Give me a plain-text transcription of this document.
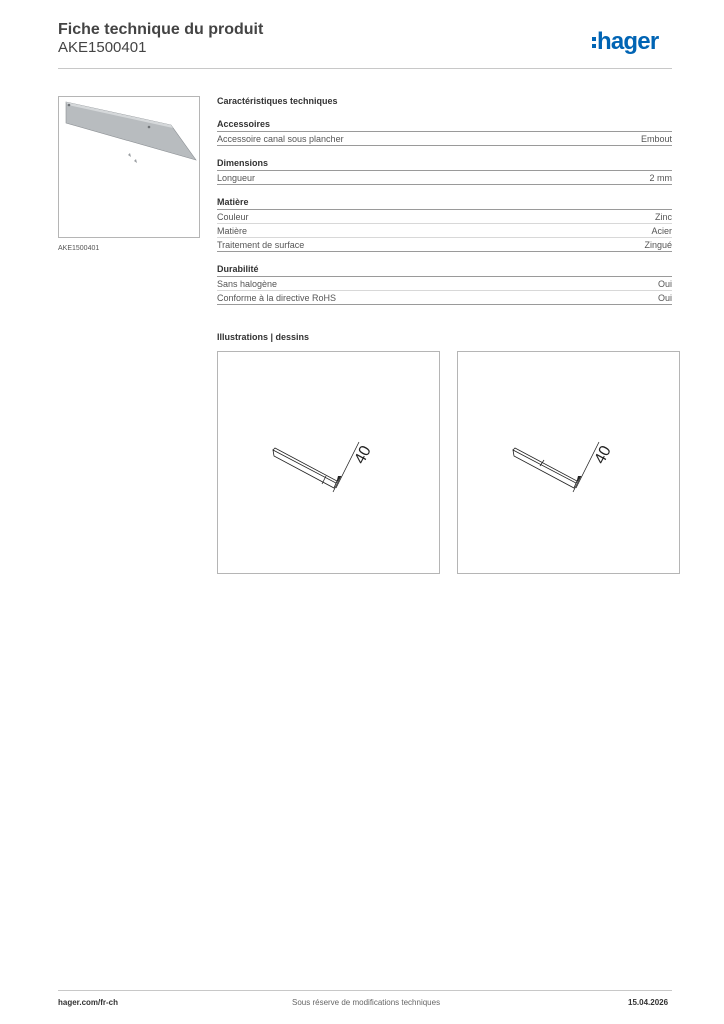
Fiche technique du produit
AKE1500401	hager
AKE1500401
Caractéristiques techniques
Accessoires
Accessoire canal sous plancher	Embout
Dimensions
Longueur	2 mm
Matière
Couleur	Zinc
Matière	Acier
Traitement de surface	Zingué
Durabilité
Sans halogène	Oui
Conforme à la directive RoHS	Oui
Illustrations | dessins
40	40
hager.com/fr-ch	Sous réserve de modifications techniques	15.04.2026
